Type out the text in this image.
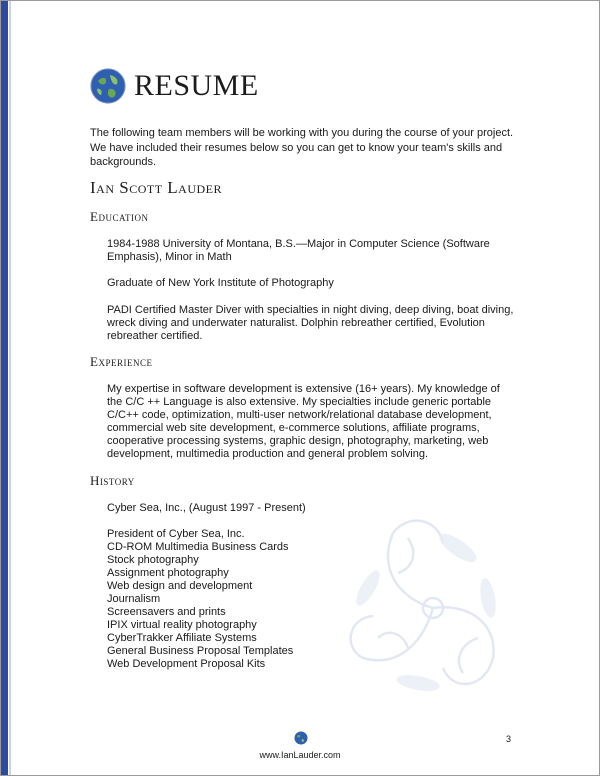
RESUME

The following team members will be working with you during the course of your project. We have included their resumes below so you can get to know your team's skills and backgrounds.

Ian Scott Lauder
Education

1984-1988 University of Montana, B.S.—Major in Computer Science (Software Emphasis), Minor in Math

Graduate of New York Institute of Photography

PADI Certified Master Diver with specialties in night diving, deep diving, boat diving, wreck diving and underwater naturalist. Dolphin rebreather certified, Evolution rebreather certified.

Experience

My expertise in software development is extensive (16+ years). My knowledge of the C/C ++ Language is also extensive. My specialties include generic portable C/C++ code, optimization, multi-user network/relational database development, commercial web site development, e-commerce solutions, affiliate programs, cooperative processing systems, graphic design, photography, marketing, web development, multimedia production and general problem solving.

History

Cyber Sea, Inc., (August 1997 - Present)

President of Cyber Sea, Inc.
CD-ROM Multimedia Business Cards
Stock photography
Assignment photography
Web design and development
Journalism
Screensavers and prints
IPIX virtual reality photography
CyberTrakker Affiliate Systems
General Business Proposal Templates
Web Development Proposal Kits
www.IanLauder.com
3
